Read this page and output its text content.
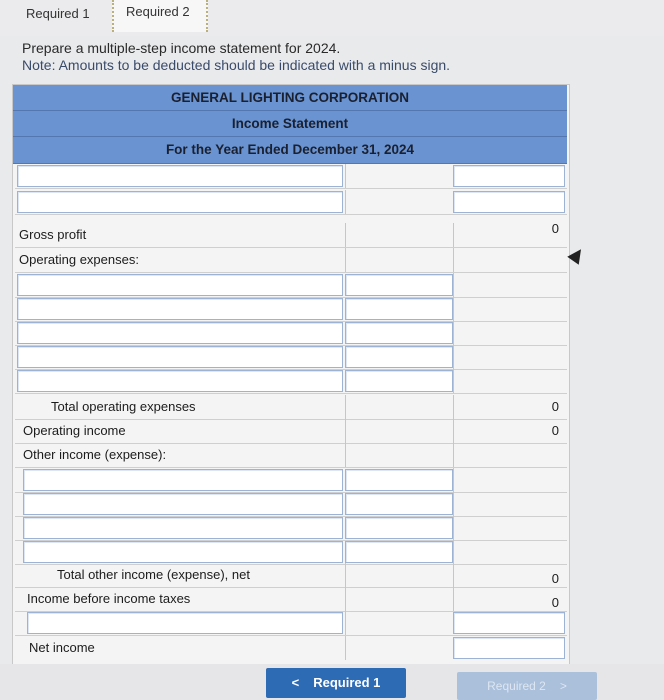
Required 1	Required 2
Prepare a multiple-step income statement for 2024.
Note: Amounts to be deducted should be indicated with a minus sign.
GENERAL LIGHTING CORPORATION
Income Statement
For the Year Ended December 31, 2024
Gross profit	0
Operating expenses:
Total operating expenses	0
Operating income	0
Other income (expense):
Total other income (expense), net	0
Income before income taxes	0
Net income
< Required 1	Required 2 >
